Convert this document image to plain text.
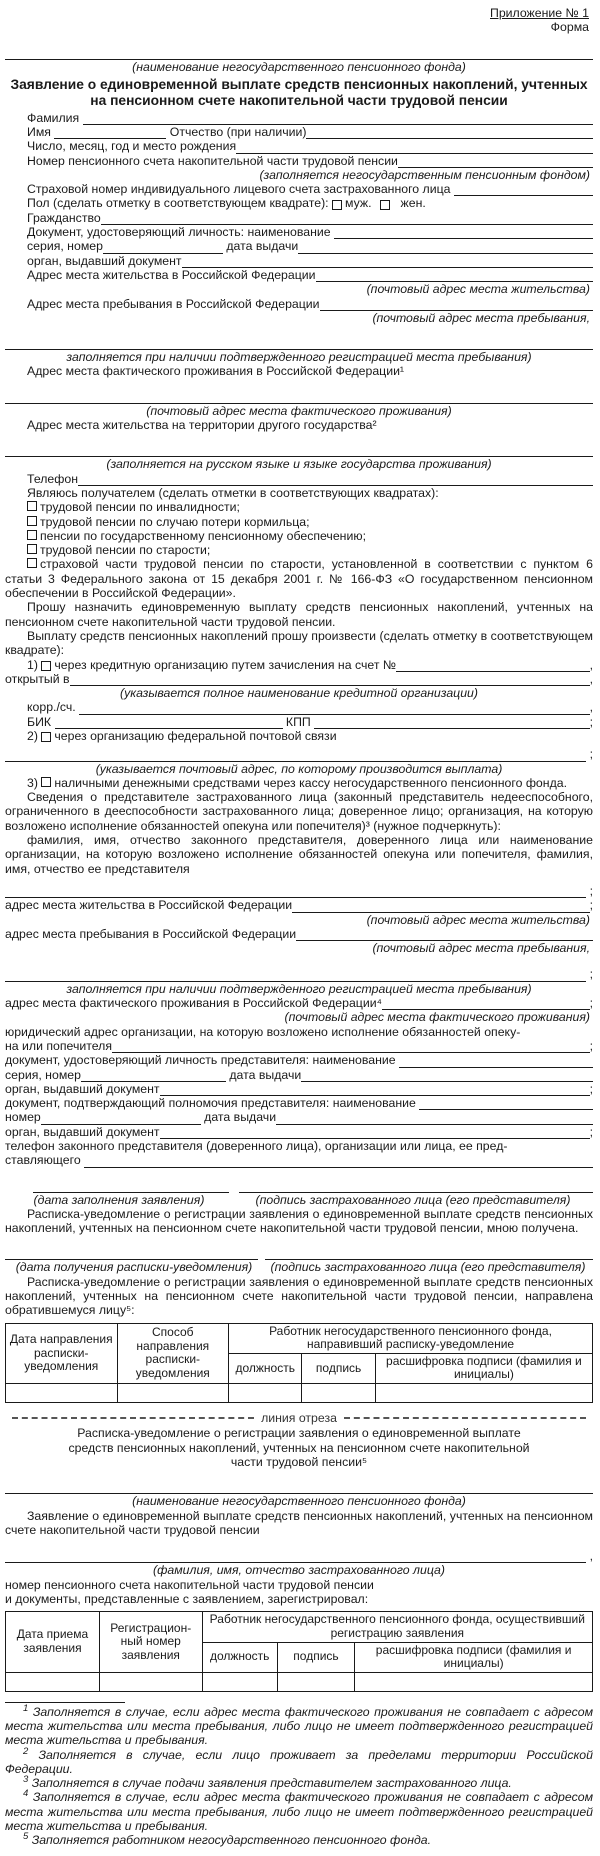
Приложение № 1
Форма
(наименование негосударственного пенсионного фонда)
Заявление о единовременной выплате средств пенсионных накоплений, учтенных на пенсионном счете накопительной части трудовой пенсии
Фамилия
Имя	Отчество (при наличии)
Число, месяц, год и место рождения
Номер пенсионного счета накопительной части трудовой пенсии
(заполняется негосударственным пенсионным фондом)
Страховой номер индивидуального лицевого счета застрахованного лица
Пол (сделать отметку в соответствующем квадрате): муж. жен.
Гражданство
Документ, удостоверяющий личность: наименование
серия, номер	дата выдачи
орган, выдавший документ
Адрес места жительства в Российской Федерации
(почтовый адрес места жительства)
Адрес места пребывания в Российской Федерации
(почтовый адрес места пребывания,
заполняется при наличии подтвержденного регистрацией места пребывания)
Адрес места фактического проживания в Российской Федерации¹
(почтовый адрес места фактического проживания)
Адрес места жительства на территории другого государства²
(заполняется на русском языке и языке государства проживания)
Телефон
Являюсь получателем (сделать отметки в соответствующих квадратах):
трудовой пенсии по инвалидности;
трудовой пенсии по случаю потери кормильца;
пенсии по государственному пенсионному обеспечению;
трудовой пенсии по старости;
страховой части трудовой пенсии по старости, установленной в соответствии с пунктом 6 статьи 3 Федерального закона от 15 декабря 2001 г. № 166-ФЗ «О государственном пенсионном обеспечении в Российской Федерации».
Прошу назначить единовременную выплату средств пенсионных накоплений, учтенных на пенсионном счете накопительной части трудовой пенсии.
Выплату средств пенсионных накоплений прошу произвести (сделать отметку в соответствующем квадрате):
1) через кредитную организацию путем зачисления на счет №	,
открытый в	,
(указывается полное наименование кредитной организации)
корр./сч.	,
БИК	КПП	;
2) через организацию федеральной почтовой связи
;
(указывается почтовый адрес, по которому производится выплата)
3) наличными денежными средствами через кассу негосударственного пенсионного фонда.
Сведения о представителе застрахованного лица (законный представитель недееспособного, ограниченного в дееспособности застрахованного лица; доверенное лицо; организация, на которую возложено исполнение обязанностей опекуна или попечителя)³ (нужное подчеркнуть):
фамилия, имя, отчество законного представителя, доверенного лица или наименование организации, на которую возложено исполнение обязанностей опекуна или попечителя, фамилия, имя, отчество ее представителя
;
адрес места жительства в Российской Федерации	;
(почтовый адрес места жительства)
адрес места пребывания в Российской Федерации
(почтовый адрес места пребывания,
;
заполняется при наличии подтвержденного регистрацией места пребывания)
адрес места фактического проживания в Российской Федерации⁴	;
(почтовый адрес места фактического проживания)
юридический адрес организации, на которую возложено исполнение обязанностей опеку-
на или попечителя	;
документ, удостоверяющий личность представителя: наименование
серия, номер	дата выдачи
орган, выдавший документ	;
документ, подтверждающий полномочия представителя: наименование
номер	дата выдачи
орган, выдавший документ	;
телефон законного представителя (доверенного лица), организации или лица, ее пред-
ставляющего
(дата заполнения заявления)	(подпись застрахованного лица (его представителя)
Расписка-уведомление о регистрации заявления о единовременной выплате средств пенсионных накоплений, учтенных на пенсионном счете накопительной части трудовой пенсии, мною получена.
(дата получения расписки-уведомления)	(подпись застрахованного лица (его представителя)
Расписка-уведомление о регистрации заявления о единовременной выплате средств пенсионных накоплений, учтенных на пенсионном счете накопительной части трудовой пенсии, направлена обратившемуся лицу⁵:
Дата направления расписки-уведомления	Способ направления расписки-уведомления	Работник негосударственного пенсионного фонда, направивший расписку-уведомление		
		должность	подпись	расшифровка подписи (фамилия и инициалы)

линия отреза
Расписка-уведомление о регистрации заявления о единовременной выплате средств пенсионных накоплений, учтенных на пенсионном счете накопительной части трудовой пенсии⁵
(наименование негосударственного пенсионного фонда)
Заявление о единовременной выплате средств пенсионных накоплений, учтенных на пенсионном счете накопительной части трудовой пенсии
,
(фамилия, имя, отчество застрахованного лица)
номер пенсионного счета накопительной части трудовой пенсии
и документы, представленные с заявлением, зарегистрировал:
Дата приема заявления	Регистрационный номер заявления	Работник негосударственного пенсионного фонда, осуществивший регистрацию заявления		
		должность	подпись	расшифровка подписи (фамилия и инициалы)

$^1$ Заполняется в случае, если адрес места фактического проживания не совпадает с адресом места жительства или места пребывания, либо лицо не имеет подтвержденного регистрацией места жительства и пребывания.
$^2$ Заполняется в случае, если лицо проживает за пределами территории Российской Федерации.
$^3$ Заполняется в случае подачи заявления представителем застрахованного лица.
$^4$ Заполняется в случае, если адрес места фактического проживания не совпадает с адресом места жительства или места пребывания, либо лицо не имеет подтвержденного регистрацией места жительства и пребывания.
$^5$ Заполняется работником негосударственного пенсионного фонда.
